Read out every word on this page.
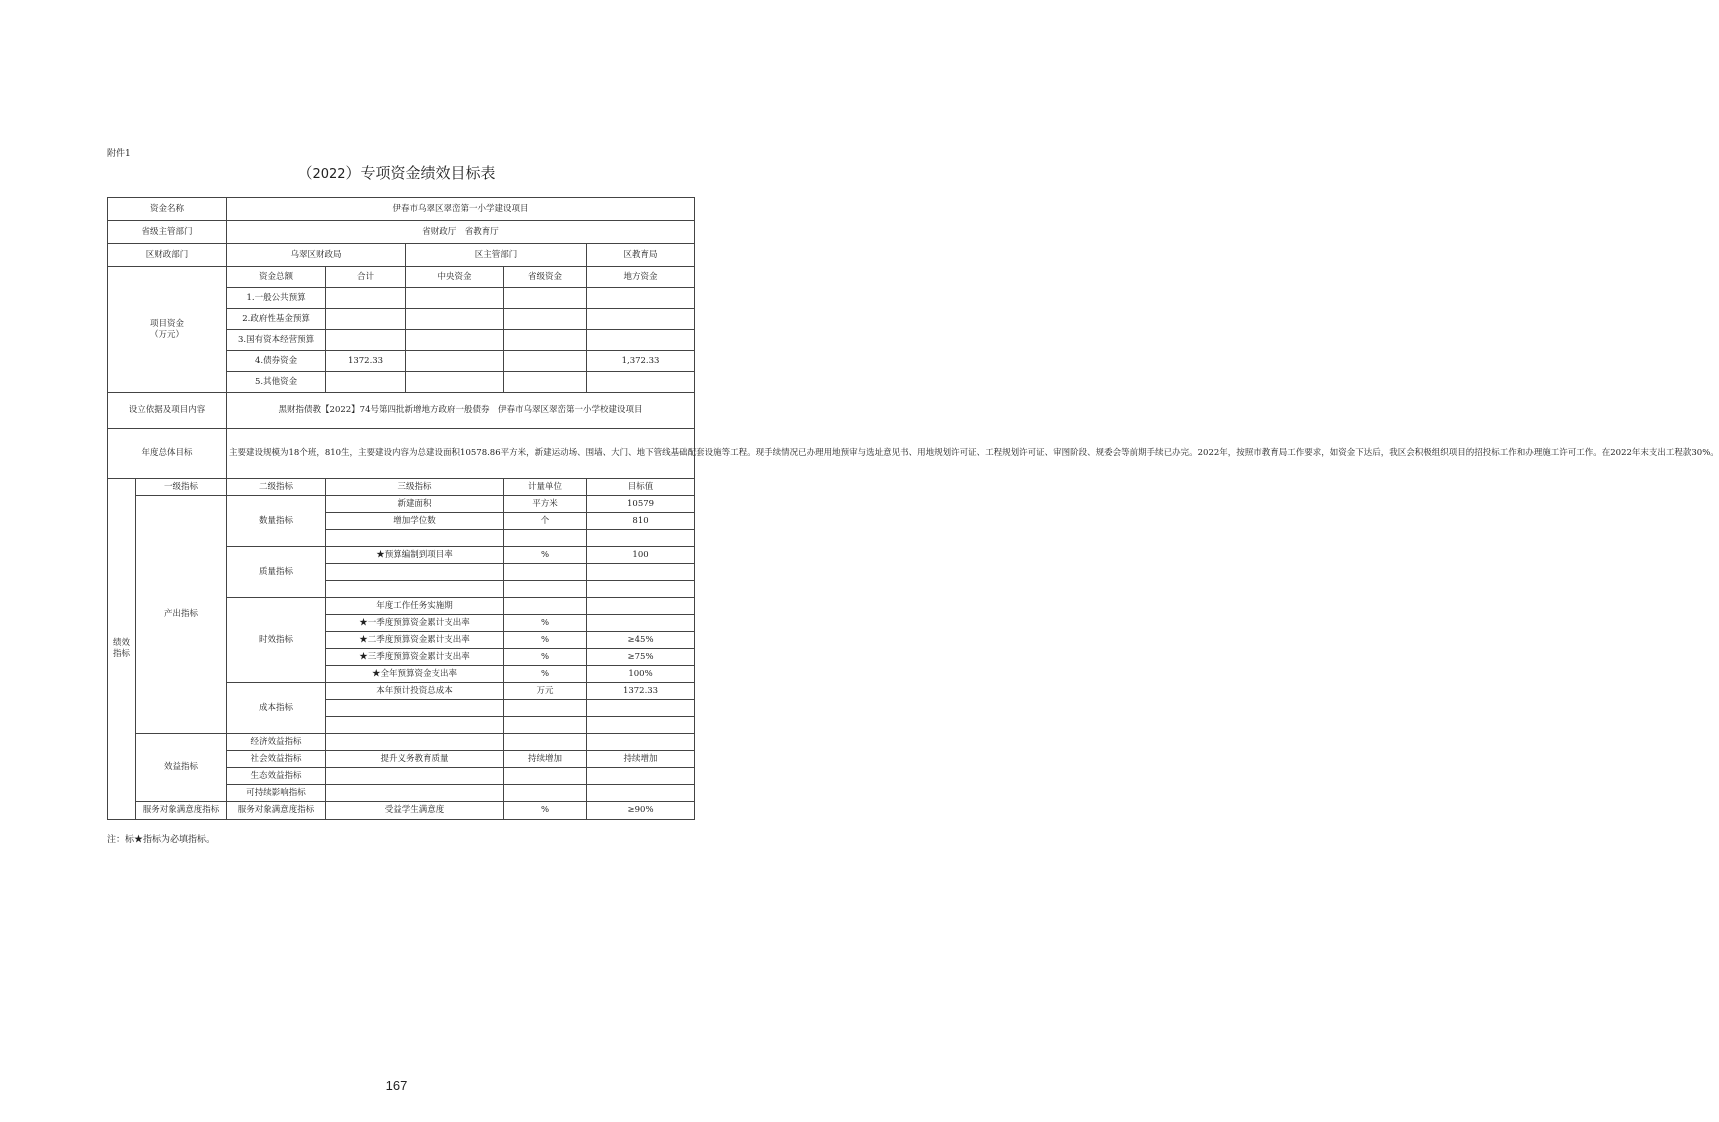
附件1
（2022）专项资金绩效目标表
资金名称		伊春市乌翠区翠峦第一小学建设项目				
省级主管部门		省财政厅　省教育厅				
区财政部门		乌翠区财政局		区主管部门		区教育局
项目资金
（万元）		资金总额	合计	中央资金	省级资金	地方资金
		1.一般公共预算				
		2.政府性基金预算				
		3.国有资本经营预算				
		4.债券资金	1372.33			1,372.33
		5.其他资金				
设立依据及项目内容		黑财指债教【2022】74号第四批新增地方政府一般债券　伊春市乌翠区翠峦第一小学校建设项目				
年度总体目标		主要建设规模为18个班，810生，主要建设内容为总建设面积10578.86平方米，新建运动场、围墙、大门、地下管线基础配套设施等工程。现手续情况已办理用地预审与选址意见书、用地规划许可证、工程规划许可证、审图阶段、规委会等前期手续已办完。2022年，按照市教育局工作要求，如资金下达后，我区会积极组织项目的招投标工作和办理施工许可工作。在2022年末支出工程款30%。				
绩效
指标	一级指标	二级指标	三级指标		计量单位	目标值
	产出指标	数量指标	新建面积		平方米	10579
			增加学位数		个	810

		质量指标	★预算编制到项目率		%	100

		时效指标	年度工作任务实施期			
			★一季度预算资金累计支出率		%	
			★二季度预算资金累计支出率		%	≥45%
			★三季度预算资金累计支出率		%	≥75%
			★全年预算资金支出率		%	100%
		成本指标	本年预计投资总成本		万元	1372.33

	效益指标	经济效益指标				
		社会效益指标	提升义务教育质量		持续增加	持续增加
		生态效益指标				
		可持续影响指标				
	服务对象满意度指标	服务对象满意度指标	受益学生满意度		%	≥90%
注：标★指标为必填指标。
167
